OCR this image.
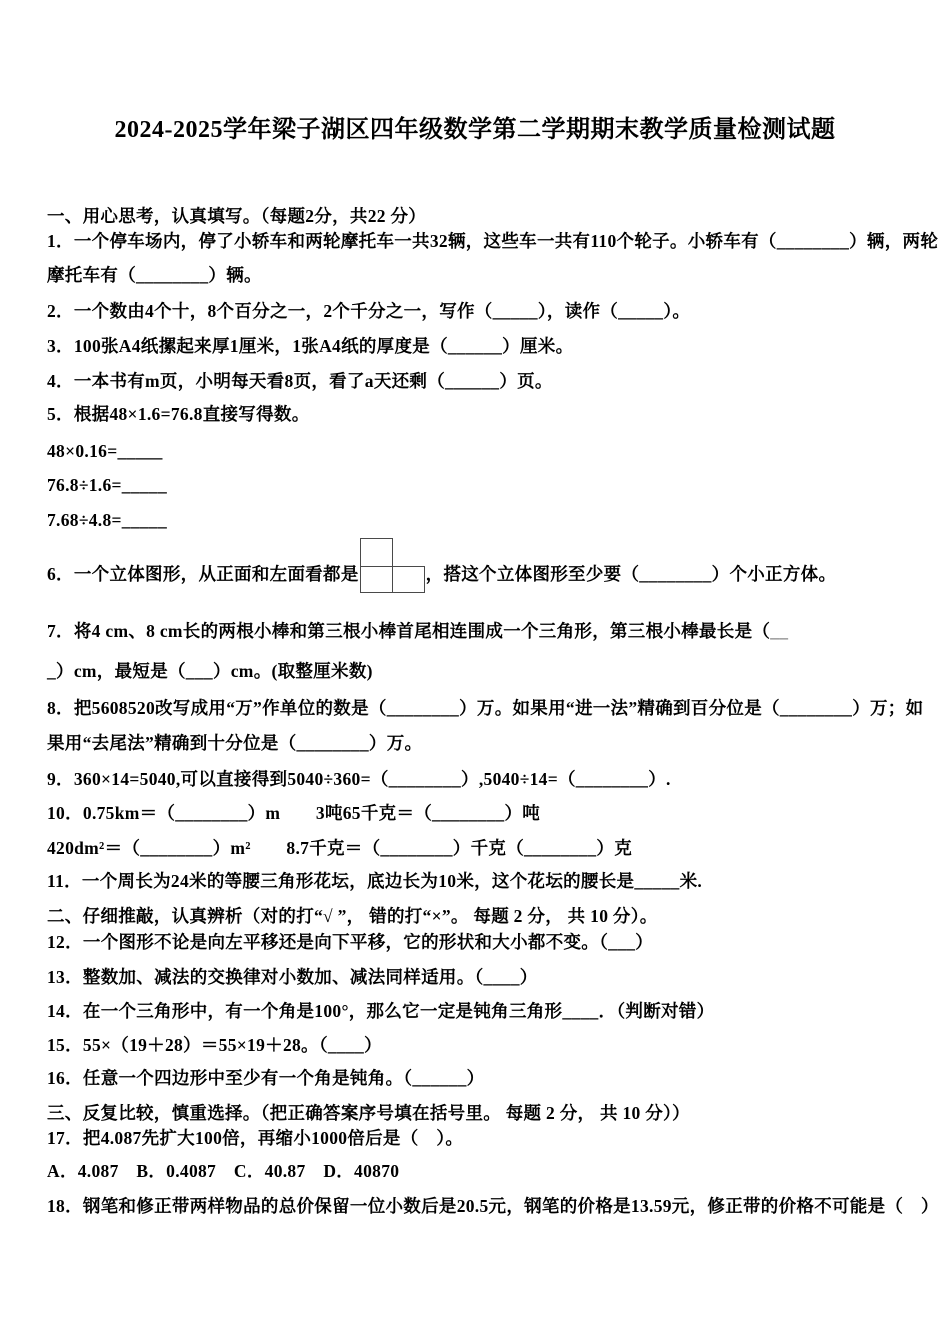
2024-2025学年梁子湖区四年级数学第二学期期末教学质量检测试题
一、用心思考，认真填写。（每题2分，共22 分）
1．一个停车场内，停了小轿车和两轮摩托车一共32辆，这些车一共有110个轮子。小轿车有（________）辆，两轮
摩托车有（________）辆。
2．一个数由4个十，8个百分之一，2个千分之一，写作（_____），读作（_____）。
3．100张A4纸摞起来厚1厘米，1张A4纸的厚度是（______）厘米。
4．一本书有m页，小明每天看8页，看了a天还剩（______）页。
5．根据48×1.6=76.8直接写得数。
48×0.16=_____
76.8÷1.6=_____
7.68÷4.8=_____
6．一个立体图形，从正面和左面看都是	，搭这个立体图形至少要（________）个小正方体。
7．将4 cm、8 cm长的两根小棒和第三根小棒首尾相连围成一个三角形，第三根小棒最长是（__
_）cm，最短是（___）cm。(取整厘米数)
8．把5608520改写成用“万”作单位的数是（________）万。如果用“进一法”精确到百分位是（________）万；如
果用“去尾法”精确到十分位是（________）万。
9．360×14=5040,可以直接得到5040÷360=（________）,5040÷14=（________）.
10．0.75km＝（________）m　　3吨65千克＝（________）吨
420dm²＝（________）m²　　8.7千克＝（________）千克（________）克
11．一个周长为24米的等腰三角形花坛，底边长为10米，这个花坛的腰长是_____米.
二、仔细推敲，认真辨析（对的打“√ ”， 错的打“×”。 每题 2 分， 共 10 分）。
12．一个图形不论是向左平移还是向下平移，它的形状和大小都不变。（___）
13．整数加、减法的交换律对小数加、减法同样适用。（____）
14．在一个三角形中，有一个角是100°，那么它一定是钝角三角形____．（判断对错）
15．55×（19＋28）＝55×19＋28。（____）
16．任意一个四边形中至少有一个角是钝角。（______）
三、反复比较，慎重选择。（把正确答案序号填在括号里。 每题 2 分， 共 10 分））
17．把4.087先扩大100倍，再缩小1000倍后是（　）。
A．4.087　B．0.4087　C．40.87　D．40870
18．钢笔和修正带两样物品的总价保留一位小数后是20.5元，钢笔的价格是13.59元，修正带的价格不可能是（　）
